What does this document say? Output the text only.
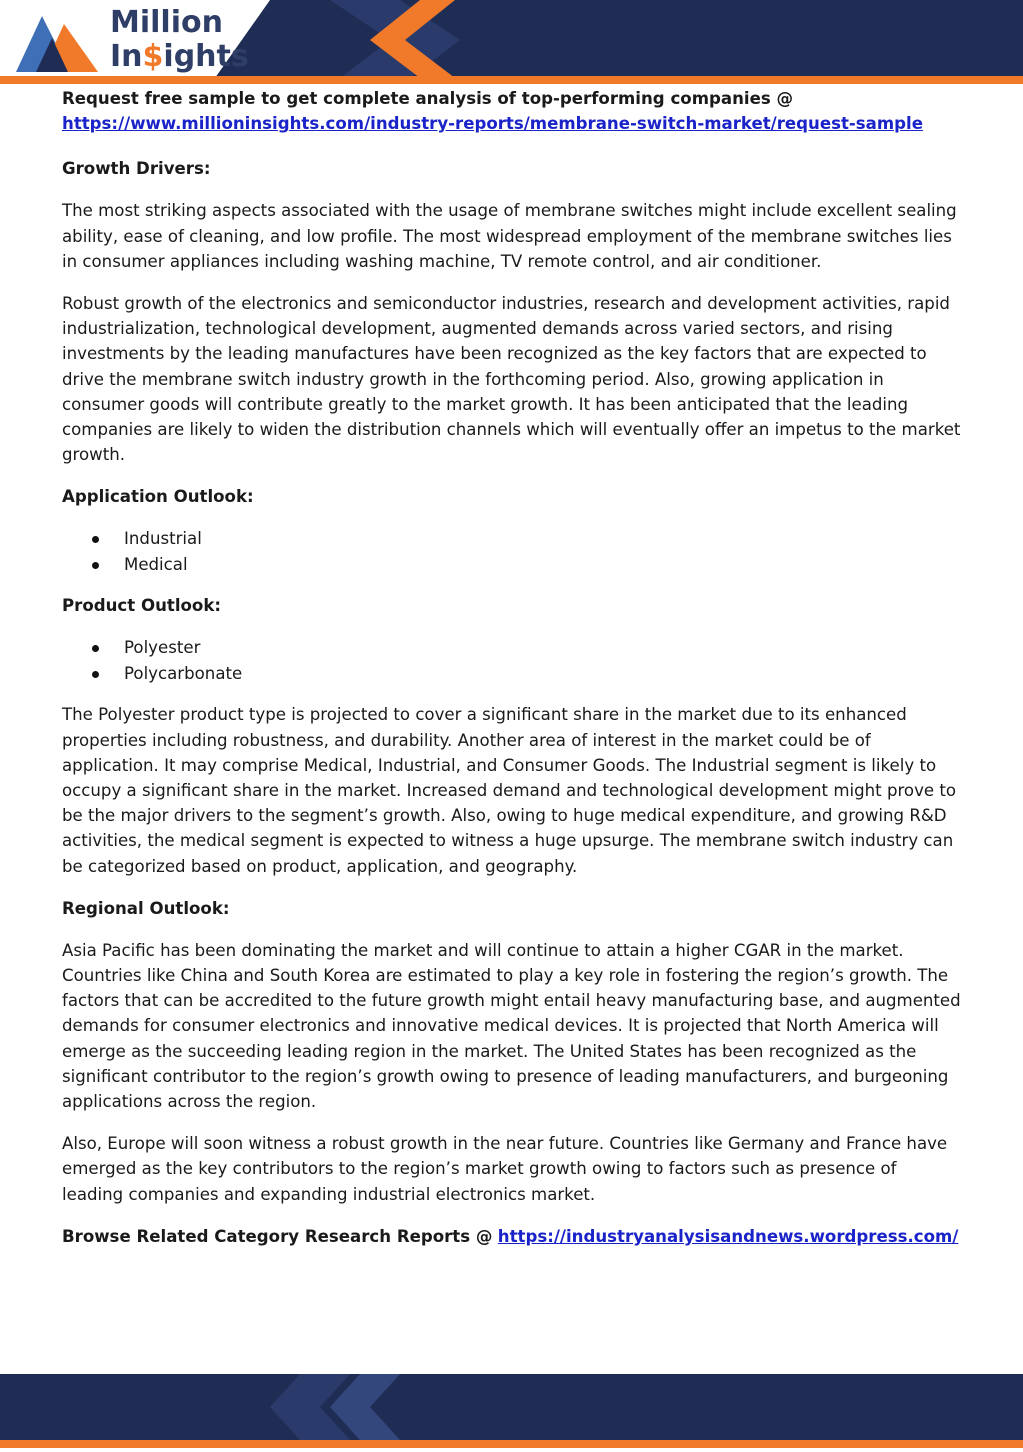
Million
In$ights

Request free sample to get complete analysis of top-performing companies @
https://www.millioninsights.com/industry-reports/membrane-switch-market/request-sample

Growth Drivers:

The most striking aspects associated with the usage of membrane switches might include excellent sealing ability, ease of cleaning, and low profile. The most widespread employment of the membrane switches lies in consumer appliances including washing machine, TV remote control, and air conditioner.

Robust growth of the electronics and semiconductor industries, research and development activities, rapid industrialization, technological development, augmented demands across varied sectors, and rising investments by the leading manufactures have been recognized as the key factors that are expected to drive the membrane switch industry growth in the forthcoming period. Also, growing application in consumer goods will contribute greatly to the market growth. It has been anticipated that the leading companies are likely to widen the distribution channels which will eventually offer an impetus to the market growth.

Application Outlook:
Industrial
Medical
Product Outlook:
Polyester
Polycarbonate

The Polyester product type is projected to cover a significant share in the market due to its enhanced properties including robustness, and durability. Another area of interest in the market could be of application. It may comprise Medical, Industrial, and Consumer Goods. The Industrial segment is likely to occupy a significant share in the market. Increased demand and technological development might prove to be the major drivers to the segment’s growth. Also, owing to huge medical expenditure, and growing R&D activities, the medical segment is expected to witness a huge upsurge. The membrane switch industry can be categorized based on product, application, and geography.

Regional Outlook:

Asia Pacific has been dominating the market and will continue to attain a higher CGAR in the market. Countries like China and South Korea are estimated to play a key role in fostering the region’s growth. The factors that can be accredited to the future growth might entail heavy manufacturing base, and augmented demands for consumer electronics and innovative medical devices. It is projected that North America will emerge as the succeeding leading region in the market. The United States has been recognized as the significant contributor to the region’s growth owing to presence of leading manufacturers, and burgeoning applications across the region.

Also, Europe will soon witness a robust growth in the near future. Countries like Germany and France have emerged as the key contributors to the region’s market growth owing to factors such as presence of leading companies and expanding industrial electronics market.

Browse Related Category Research Reports @ https://industryanalysisandnews.wordpress.com/
